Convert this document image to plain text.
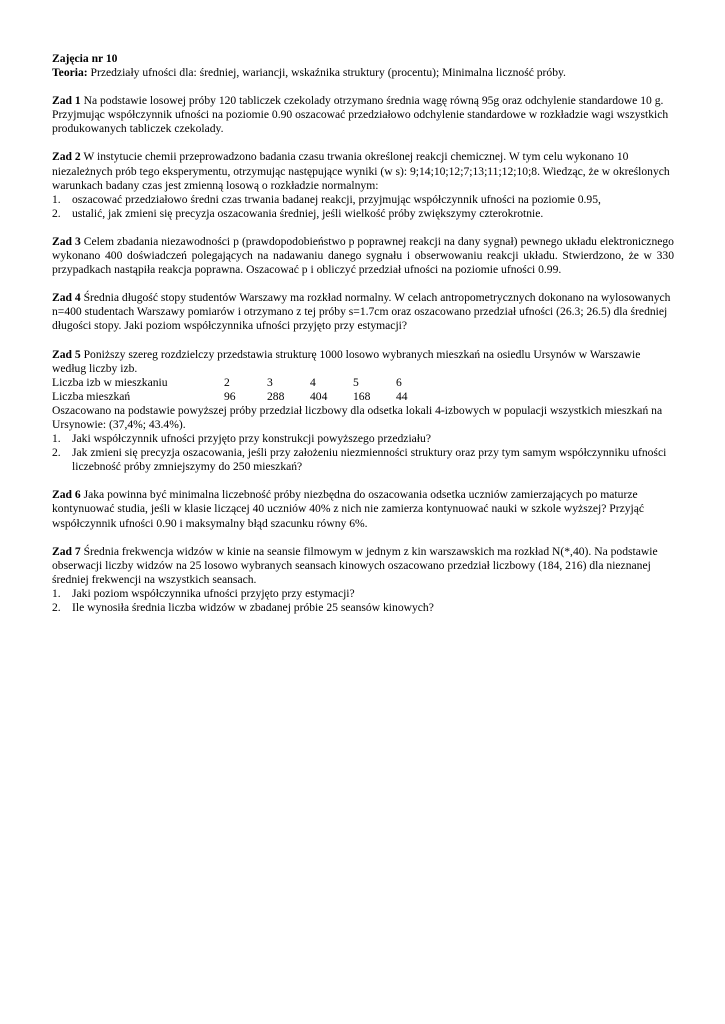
Zajęcia nr 10

Teoria: Przedziały ufności dla: średniej, wariancji, wskaźnika struktury (procentu); Minimalna liczność próby.

Zad 1 Na podstawie losowej próby 120 tabliczek czekolady otrzymano średnia wagę równą 95g oraz odchylenie standardowe 10 g. Przyjmując współczynnik ufności na poziomie 0.90 oszacować przedziałowo odchylenie standardowe w rozkładzie wagi wszystkich produkowanych tabliczek czekolady.

Zad 2 W instytucie chemii przeprowadzono badania czasu trwania określonej reakcji chemicznej. W tym celu wykonano 10 niezależnych prób tego eksperymentu, otrzymując następujące wyniki (w s): 9;14;10;12;7;13;11;12;10;8. Wiedząc, że w określonych warunkach badany czas jest zmienną losową o rozkładzie normalnym:

1. oszacować przedziałowo średni czas trwania badanej reakcji, przyjmując współczynnik ufności na poziomie 0.95,
2. ustalić, jak zmieni się precyzja oszacowania średniej, jeśli wielkość próby zwiększymy czterokrotnie.

Zad 3 Celem zbadania niezawodności p (prawdopodobieństwo p poprawnej reakcji na dany sygnał) pewnego układu elektronicznego wykonano 400 doświadczeń polegających na nadawaniu danego sygnału i obserwowaniu reakcji układu. Stwierdzono, że w 330 przypadkach nastąpiła reakcja poprawna. Oszacować p i obliczyć przedział ufności na poziomie ufności 0.99.

Zad 4 Średnia długość stopy studentów Warszawy ma rozkład normalny. W celach antropometrycznych dokonano na wylosowanych n=400 studentach Warszawy pomiarów i otrzymano z tej próby s=1.7cm oraz oszacowano przedział ufności (26.3; 26.5) dla średniej długości stopy. Jaki poziom współczynnika ufności przyjęto przy estymacji?

Zad 5 Poniższy szereg rozdzielczy przedstawia strukturę 1000 losowo wybranych mieszkań na osiedlu Ursynów w Warszawie według liczby izb.

Liczba izb w mieszkaniu	2	3	4	5	6
Liczba mieszkań	96	288	404	168	44

Oszacowano na podstawie powyższej próby przedział liczbowy dla odsetka lokali 4-izbowych w populacji wszystkich mieszkań na Ursynowie: (37,4%; 43.4%).

1. Jaki współczynnik ufności przyjęto przy konstrukcji powyższego przedziału?
2. Jak zmieni się precyzja oszacowania, jeśli przy założeniu niezmienności struktury oraz przy tym samym współczynniku ufności liczebność próby zmniejszymy do 250 mieszkań?

Zad 6 Jaka powinna być minimalna liczebność próby niezbędna do oszacowania odsetka uczniów zamierzających po maturze kontynuować studia, jeśli w klasie liczącej 40 uczniów 40% z nich nie zamierza kontynuować nauki w szkole wyższej? Przyjąć współczynnik ufności 0.90 i maksymalny błąd szacunku równy 6%.

Zad 7 Średnia frekwencja widzów w kinie na seansie filmowym w jednym z kin warszawskich ma rozkład N(*,40). Na podstawie obserwacji liczby widzów na 25 losowo wybranych seansach kinowych oszacowano przedział liczbowy (184, 216) dla nieznanej średniej frekwencji na wszystkich seansach.

1. Jaki poziom współczynnika ufności przyjęto przy estymacji?
2. Ile wynosiła średnia liczba widzów w zbadanej próbie 25 seansów kinowych?
